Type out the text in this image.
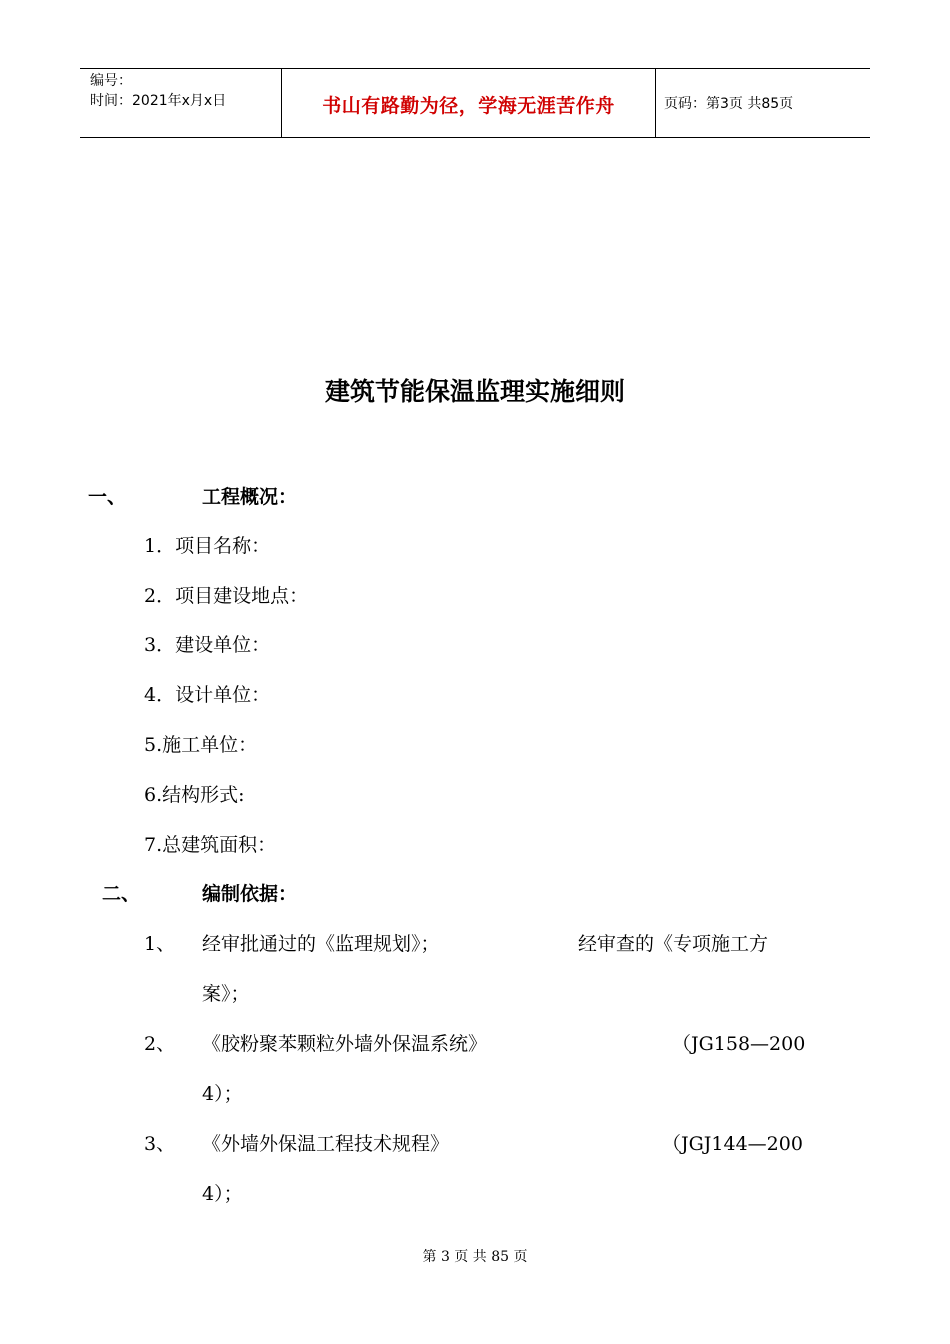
编号：
时间：2021年x月x日	书山有路勤为径，学海无涯苦作舟	页码：第3页 共85页
建筑节能保温监理实施细则
一、	工程概况：
1．项目名称：
2．项目建设地点：
3．建设单位：
4．设计单位：
5.施工单位：
6.结构形式:
7.总建筑面积：
二、	编制依据：
1、 经审批通过的《监理规划》；	经审查的《专项施工方
案》；
2、 《胶粉聚苯颗粒外墙外保温系统》	（JG158—200
4）；
3、 《外墙外保温工程技术规程》	（JGJ144—200
4）；
第 3 页 共 85 页
